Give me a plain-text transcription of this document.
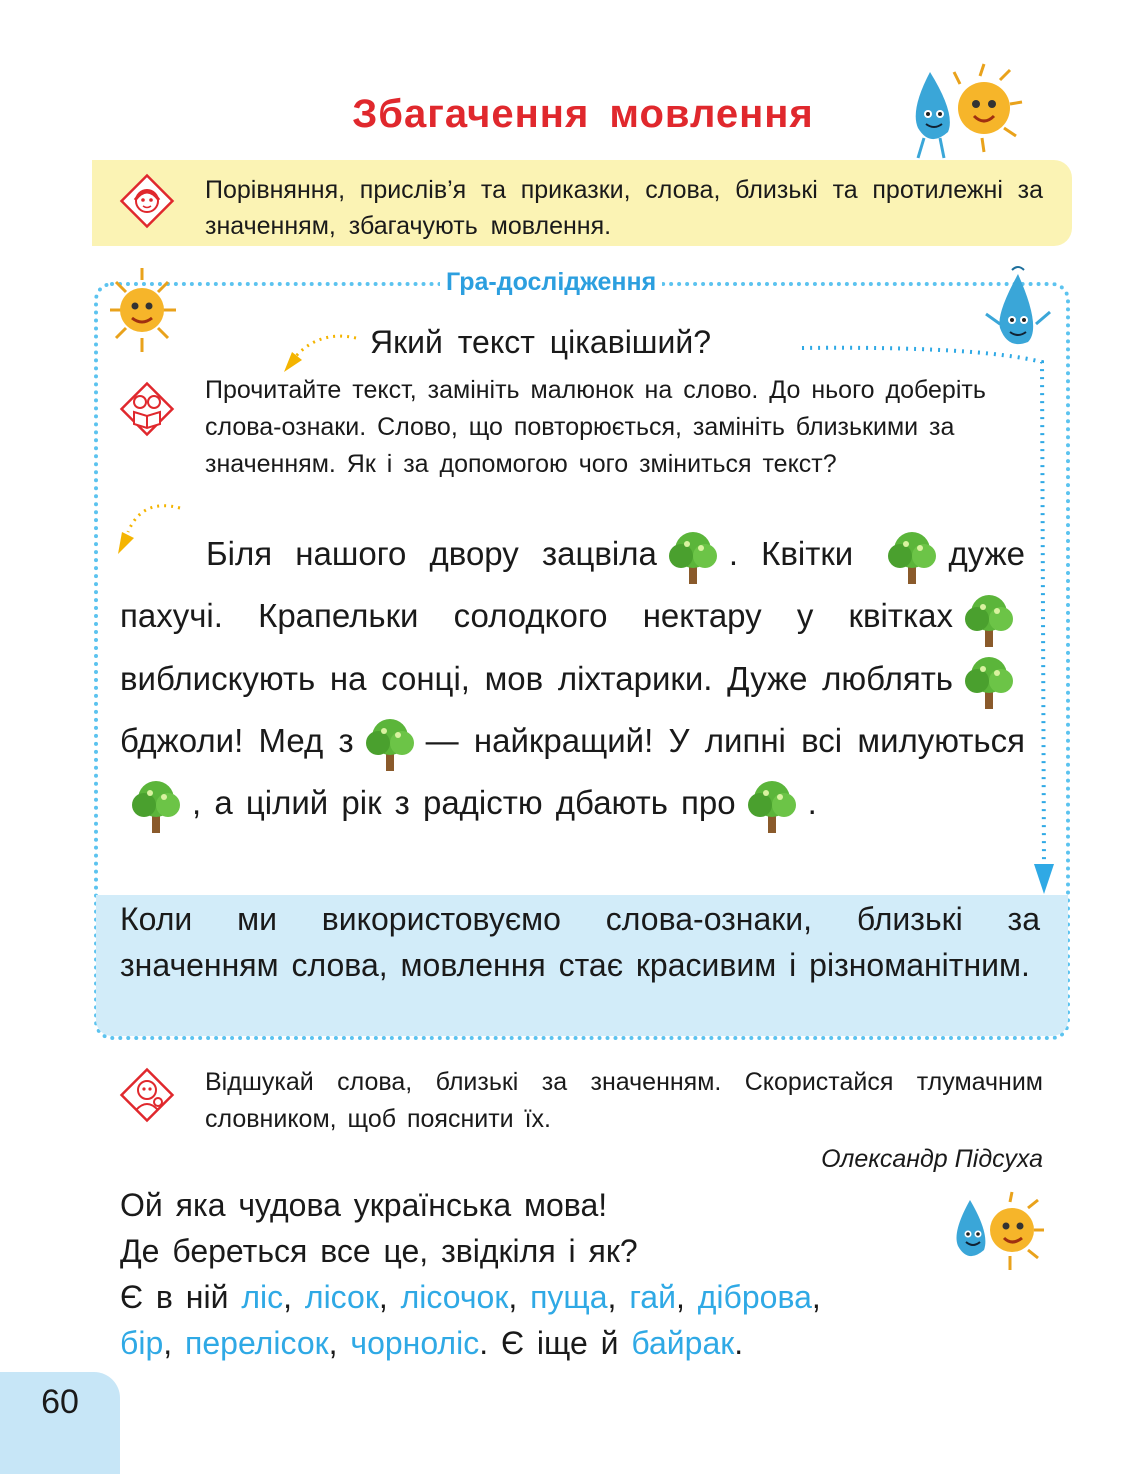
Збагачення мовлення
Порівняння, прислів’я та приказки, слова, близькі та протилежні за значенням, збагачують мовлення.
Гра-дослідження
Який текст цікавіший?
Прочитайте текст, замініть малюнок на слово. До нього доберіть слова-ознаки. Слово, що повторюється, замініть близькими за значенням. Як і за допомогою чого зміниться текст?
Біля нашого двору зацвіла . Квітки	дуже пахучі. Крапельки солодкого нектару у квіткахвиблискують на сонці, мов ліхтарики. Дуже люблятьбджоли! Мед з — найкращий! У липні всі милуються, а цілий рік з радістю дбають про .
Коли ми використовуємо слова-ознаки, близькі за значенням слова, мовлення стає красивим і різноманітним.
Відшукай слова, близькі за значенням. Скористайся тлумачним словником, щоб пояснити їх.
Олександр Підсуха
Ой яка чудова українська мова!
Де береться все це, звідкіля і як?
Є в ній ліс, лісок, лісочок, пуща, гай, діброва,
бір, перелісок, чорноліс. Є іще й байрак.
60
